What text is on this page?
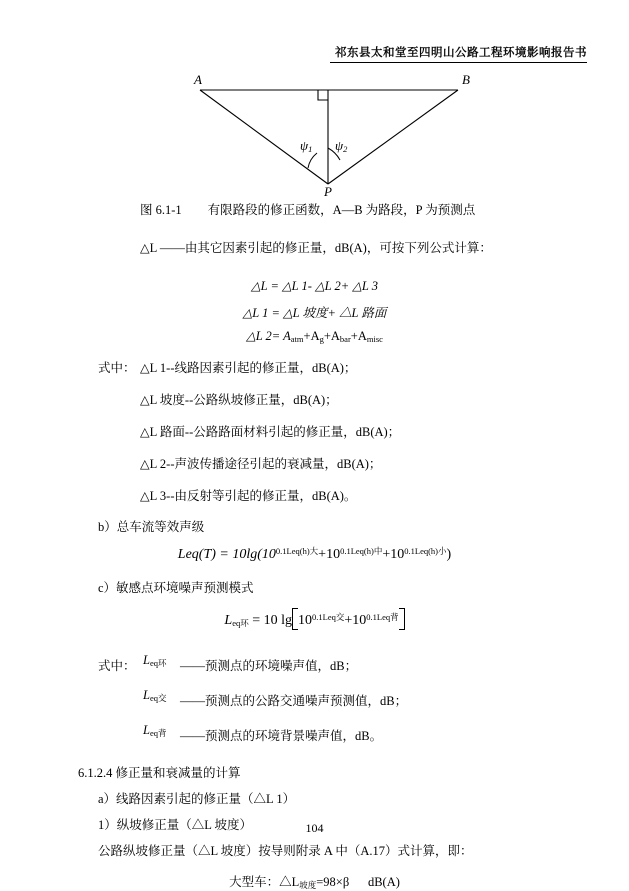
祁东县太和堂至四明山公路工程环境影响报告书
A	B
P
$\psi_1$ $\psi_2$
图 6.1-1 有限路段的修正函数，A—B 为路段，P 为预测点
△L ——由其它因素引起的修正量，dB(A)，可按下列公式计算：
△L = △L 1- △L 2+ △L 3
△L 1 = △L 坡度+ △L 路面
△L $2= A_{atm}+A_g+A_{bar}+A_{misc}$
式中： △L 1--线路因素引起的修正量，dB(A)；
△L 坡度--公路纵坡修正量，dB(A)；
△L 路面--公路路面材料引起的修正量，dB(A)；
△L 2--声波传播途径引起的衰减量，dB(A)；
△L 3--由反射等引起的修正量，dB(A)。
b）总车流等效声级
$Leq(T) = 10\lg(10^{0.1Leq(h)大}+10^{0.1Leq(h)中}+10^{0.1Leq(h)小})$
c）敏感点环境噪声预测模式
$L_{eq环} = 10$ $\lg 10^{0.1Leq交}+10^{0.1Leq背}$
式中： $L_{eq环}$ ——预测点的环境噪声值，dB；
$L_{eq交}$ ——预测点的公路交通噪声预测值，dB；
$L_{eq背}$ ——预测点的环境背景噪声值，dB。
6.1.2.4 修正量和衰减量的计算
a）线路因素引起的修正量（△L 1）
1）纵坡修正量（△L 坡度）
公路纵坡修正量（△L 坡度）按导则附录 A 中（A.17）式计算，即：
大型车：$\triangle L_{坡度}=98\times\beta$ dB(A)
104
